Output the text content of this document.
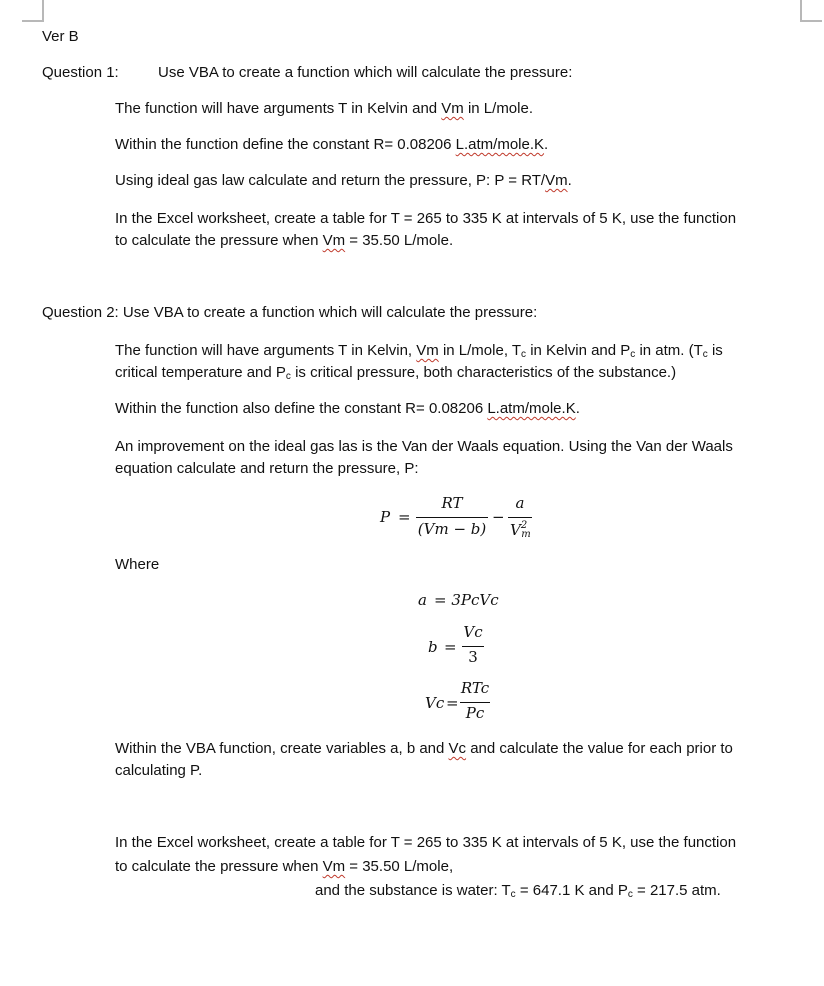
Ver B
Question 1:	Use VBA to create a function which will calculate the pressure:
The function will have arguments T in Kelvin and Vm in L/mole.
Within the function define the constant R= 0.08206 L.atm/mole.K.
Using ideal gas law calculate and return the pressure, P: P = RT/Vm.
In the Excel worksheet, create a table for T = 265 to 335 K at intervals of 5 K, use the function
to calculate the pressure when Vm = 35.50 L/mole.
Question 2: Use VBA to create a function which will calculate the pressure:
The function will have arguments T in Kelvin, Vm in L/mole, $T_c$ in Kelvin and $P_c$ in atm. ($T_c$ is
critical temperature and $P_c$ is critical pressure, both characteristics of the substance.)
Within the function also define the constant R= 0.08206 L.atm/mole.K.
An improvement on the ideal gas las is the Van der Waals equation. Using the Van der Waals
equation calculate and return the pressure, P:
P =
RT
(Vm − b)
−
a
$V^2m$
Where
a = 3PcVc
b =
Vc
3
Vc =
RTc
Pc
Within the VBA function, create variables a, b and Vc and calculate the value for each prior to
calculating P.
In the Excel worksheet, create a table for T = 265 to 335 K at intervals of 5 K, use the function
to calculate the pressure when Vm = 35.50 L/mole,
and the substance is water: $T_c = 647.1$ K and $P_c = 217.5$ atm.
